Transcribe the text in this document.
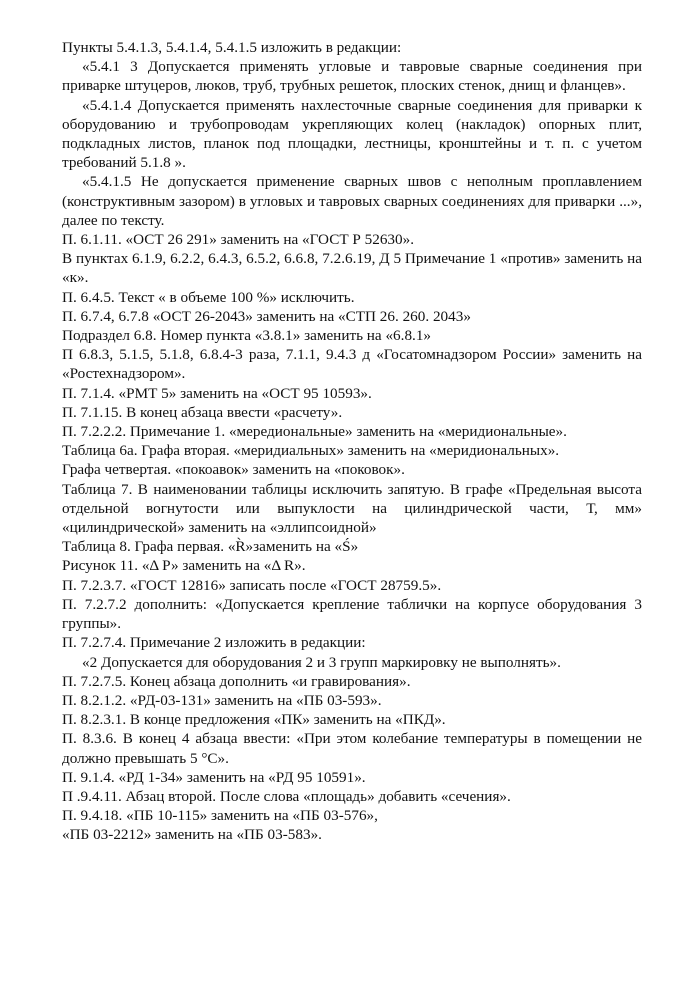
Пункты 5.4.1.3, 5.4.1.4, 5.4.1.5 изложить в редакции:

«5.4.1 3 Допускается применять угловые и тавровые сварные соединения при приварке штуцеров, люков, труб, трубных решеток, плоских стенок, днищ и фланцев».

«5.4.1.4 Допускается применять нахлесточные сварные соединения для приварки к оборудованию и трубопроводам укрепляющих колец (накладок) опорных плит, подкладных листов, планок под площадки, лестницы, кронштейны и т. п. с учетом требований 5.1.8 ».

«5.4.1.5 Не допускается применение сварных швов с неполным проплавлением (конструктивным зазором) в угловых и тавровых сварных соединениях для приварки ...», далее по тексту.

П. 6.1.11. «ОСТ 26 291» заменить на «ГОСТ Р 52630».

В пунктах 6.1.9, 6.2.2, 6.4.3, 6.5.2, 6.6.8, 7.2.6.19, Д 5 Примечание 1 «против» заменить на «к».

П. 6.4.5. Текст « в объеме 100 %» исключить.

П. 6.7.4, 6.7.8 «ОСТ 26-2043» заменить на «СТП 26. 260. 2043»

Подраздел 6.8. Номер пункта «3.8.1» заменить на «6.8.1»

П 6.8.3, 5.1.5, 5.1.8, 6.8.4-3 раза, 7.1.1, 9.4.3 д «Госатомнадзором России» заменить на «Ростехнадзором».

П. 7.1.4. «РМТ 5» заменить на «ОСТ 95 10593».

П. 7.1.15. В конец абзаца ввести «расчету».

П. 7.2.2.2. Примечание 1. «мередиональные» заменить на «меридиональные».

Таблица 6а. Графа вторая. «меридиальных» заменить на «меридиональных».

Графа четвертая. «покоавок» заменить на «поковок».

Таблица 7. В наименовании таблицы исключить запятую. В графе «Предельная высота отдельной вогнутости или выпуклости на цилиндрической части, Т, мм» «цилиндрической» заменить на «эллипсоидной»

Таблица 8. Графа первая. «R̀»заменить на «Ś»

Рисунок 11. «Δ Р» заменить на «Δ R».

П. 7.2.3.7. «ГОСТ 12816» записать после «ГОСТ 28759.5».

П. 7.2.7.2 дополнить: «Допускается крепление таблички на корпусе оборудования 3 группы».

П. 7.2.7.4. Примечание 2 изложить в редакции:

«2 Допускается для оборудования 2 и 3 групп маркировку не выполнять».

П. 7.2.7.5. Конец абзаца дополнить «и гравирования».

П. 8.2.1.2. «РД-03-131» заменить на «ПБ 03-593».

П. 8.2.3.1. В конце предложения «ПК» заменить на «ПКД».

П. 8.3.6. В конец 4 абзаца ввести: «При этом колебание температуры в помещении не должно превышать 5 °С».

П. 9.1.4. «РД 1-34» заменить на «РД 95 10591».

П .9.4.11. Абзац второй. После слова «площадь» добавить «сечения».

П. 9.4.18. «ПБ 10-115» заменить на «ПБ 03-576»,

«ПБ 03-2212» заменить на «ПБ 03-583».
